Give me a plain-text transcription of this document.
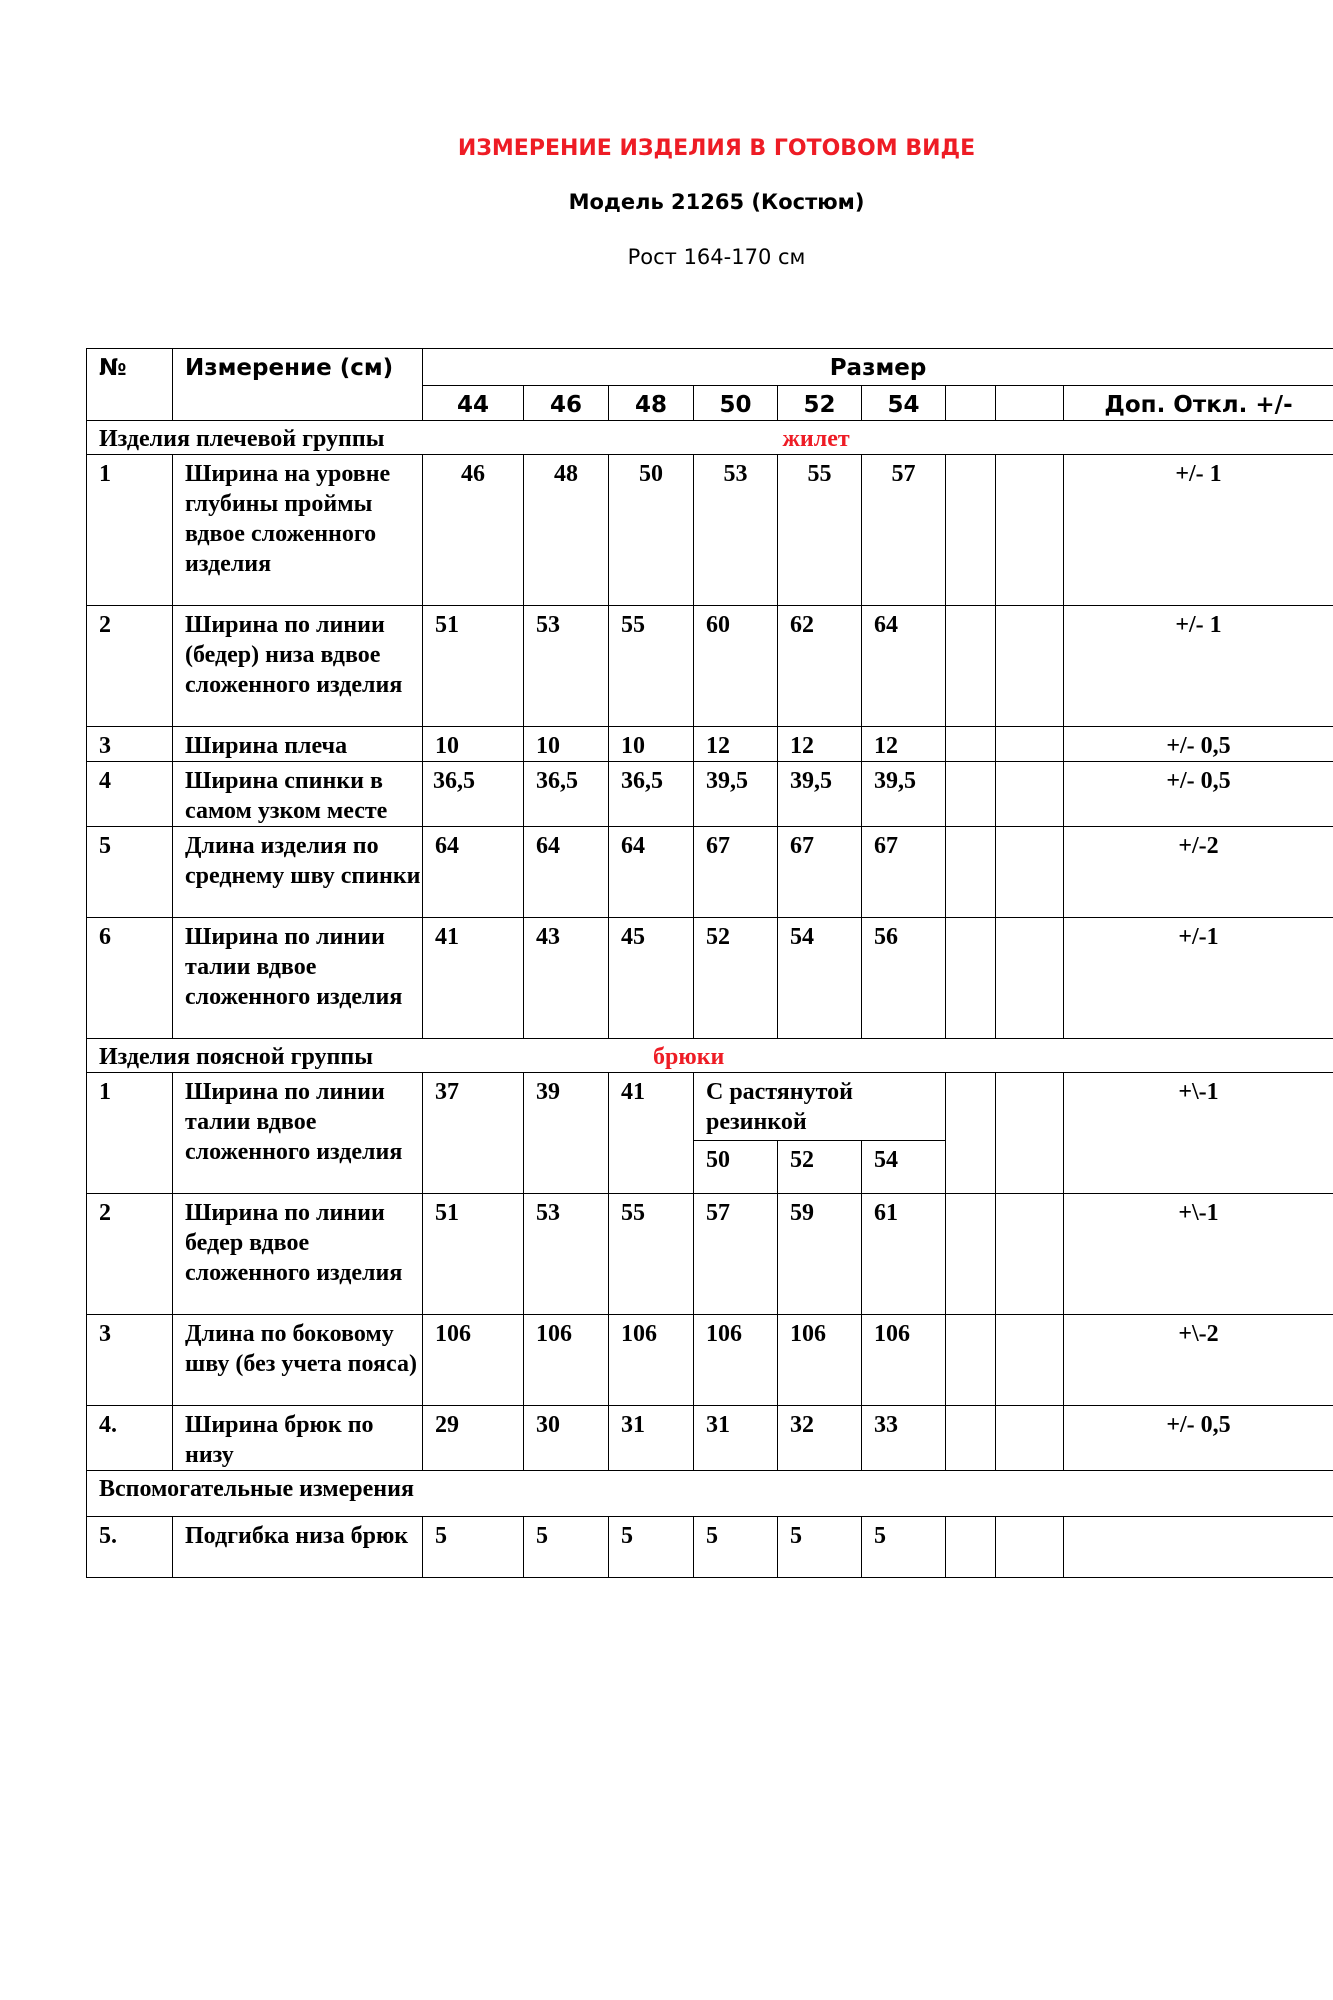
ИЗМЕРЕНИЕ ИЗДЕЛИЯ В ГОТОВОМ ВИДЕ
Модель 21265 (Костюм)
Рост 164-170 см
№	Измерение (см)	Размер								
		44	46	48	50	52	54			Доп. Откл. +/-
Изделия плечевой группы жилет										

1	Ширина на уровне глубины проймы вдвое сложенного изделия	46	48	50	53	55	57			+/- 1
2	Ширина по линии (бедер) низа вдвое сложенного изделия	51	53	55	60	62	64			+/- 1
3	Ширина плеча	10	10	10	12	12	12			+/- 0,5
4	Ширина спинки в самом узком месте	36,5	36,5	36,5	39,5	39,5	39,5			+/- 0,5
5	Длина изделия по среднему шву спинки	64	64	64	67	67	67			+/-2
6	Ширина по линии талии вдвое сложенного изделия	41	43	45	52	54	56			+/-1
Изделия поясной группы брюки										

1	Ширина по линии талии вдвое сложенного изделия	37	39	41	С растянутой резинкой					+\-1
					50	52	54			
2	Ширина по линии бедер вдвое сложенного изделия	51	53	55	57	59	61			+\-1
3	Длина по боковому шву (без учета пояса)	106	106	106	106	106	106			+\-2
4.	Ширина брюк по низу	29	30	31	31	32	33			+/- 0,5
Вспомогательные измерения										
5.	Подгибка низа брюк	5	5	5	5	5	5			
